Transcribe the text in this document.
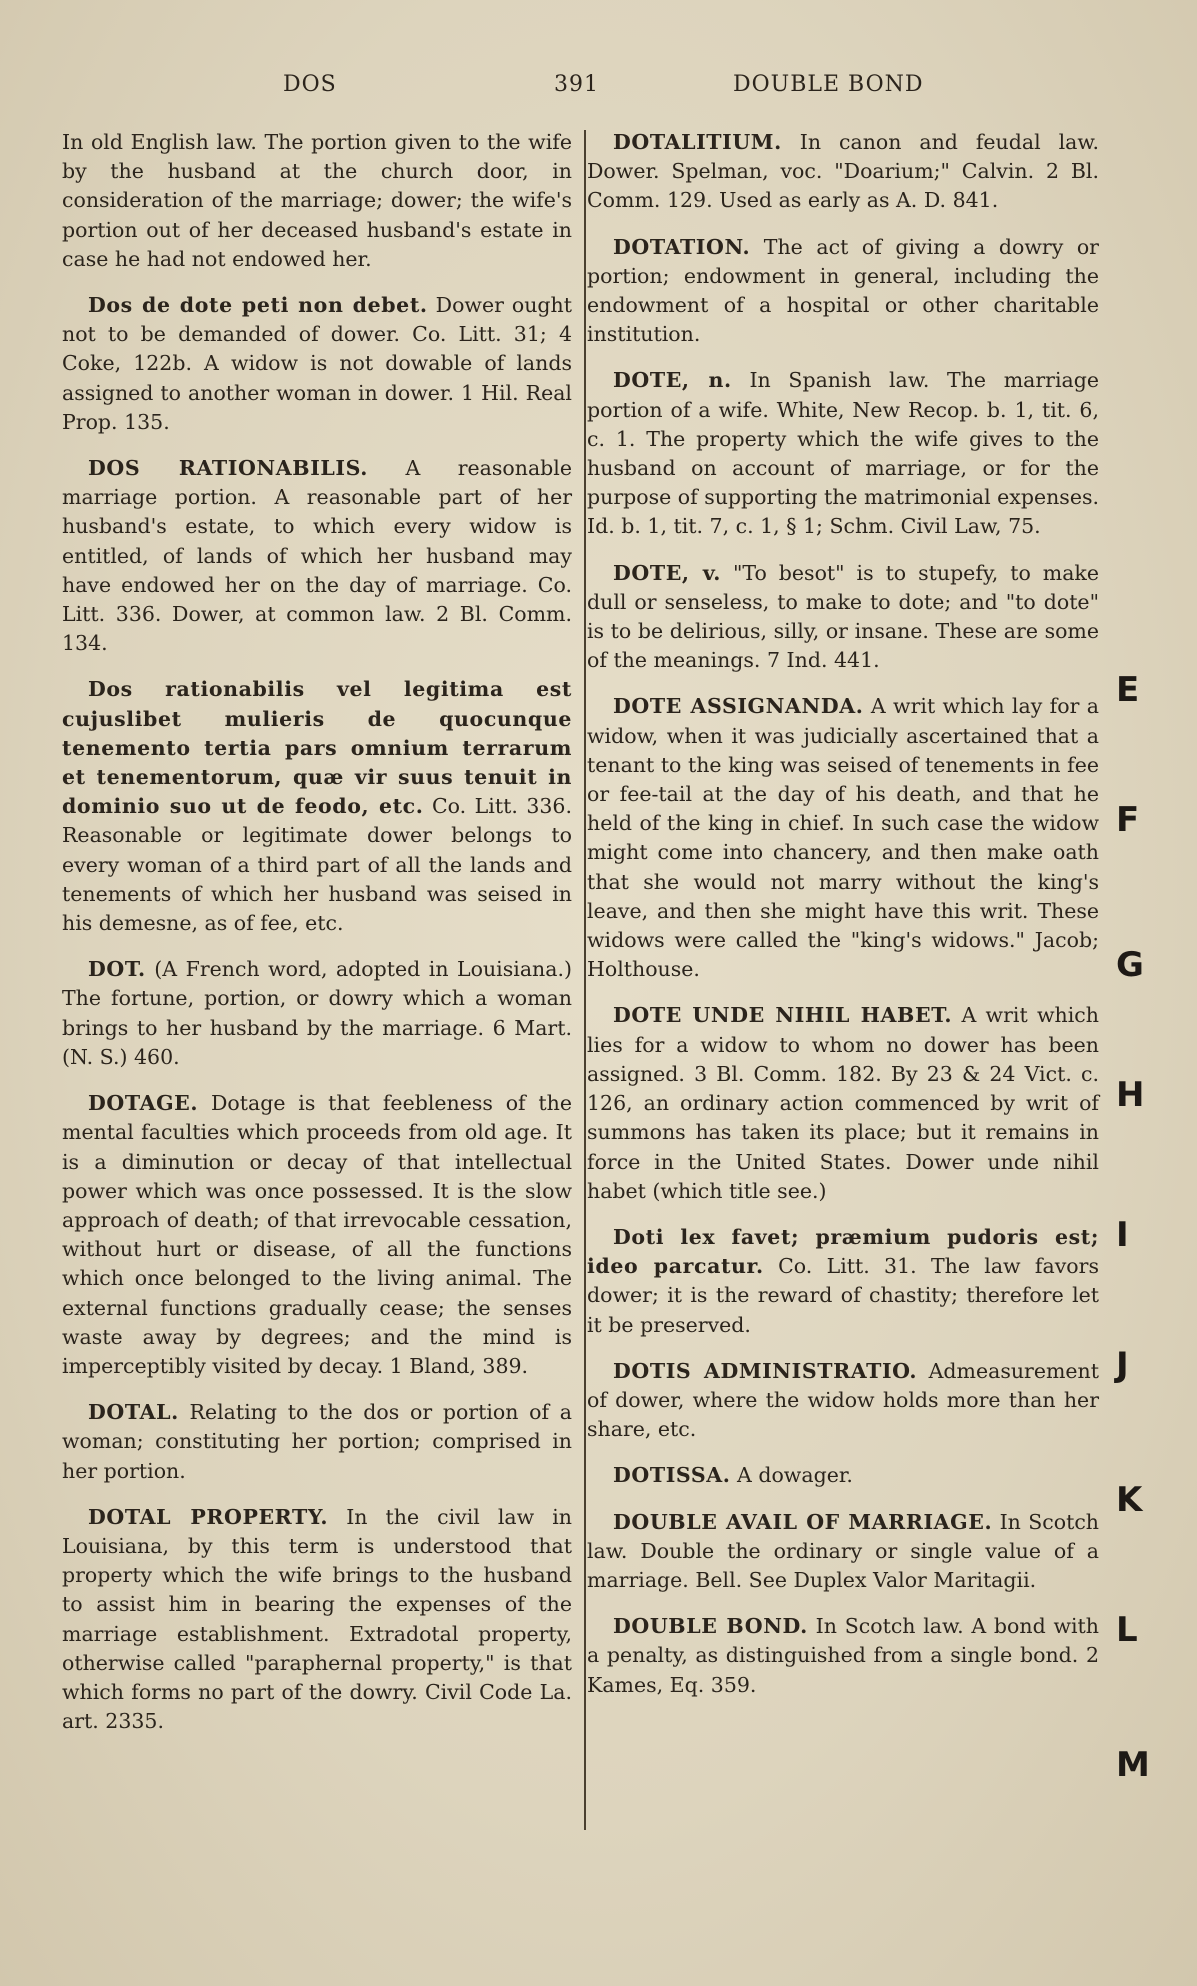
DOS	391	DOUBLE BOND

In old English law. The portion given to the wife by the husband at the church door, in consideration of the marriage; dower; the wife's portion out of her deceased husband's estate in case he had not endowed her.

Dos de dote peti non debet. Dower ought not to be demanded of dower. Co. Litt. 31; 4 Coke, 122b. A widow is not dowable of lands assigned to another woman in dower. 1 Hil. Real Prop. 135.

DOS RATIONABILIS. A reasonable marriage portion. A reasonable part of her husband's estate, to which every widow is entitled, of lands of which her husband may have endowed her on the day of marriage. Co. Litt. 336. Dower, at common law. 2 Bl. Comm. 134.

Dos rationabilis vel legitima est cujuslibet mulieris de quocunque tenemento tertia pars omnium terrarum et tenementorum, quæ vir suus tenuit in dominio suo ut de feodo, etc. Co. Litt. 336. Reasonable or legitimate dower belongs to every woman of a third part of all the lands and tenements of which her husband was seised in his demesne, as of fee, etc.

DOT. (A French word, adopted in Louisiana.) The fortune, portion, or dowry which a woman brings to her husband by the marriage. 6 Mart. (N. S.) 460.

DOTAGE. Dotage is that feebleness of the mental faculties which proceeds from old age. It is a diminution or decay of that intellectual power which was once possessed. It is the slow approach of death; of that irrevocable cessation, without hurt or disease, of all the functions which once belonged to the living animal. The external functions gradually cease; the senses waste away by degrees; and the mind is imperceptibly visited by decay. 1 Bland, 389.

DOTAL. Relating to the dos or portion of a woman; constituting her portion; comprised in her portion.

DOTAL PROPERTY. In the civil law in Louisiana, by this term is understood that property which the wife brings to the husband to assist him in bearing the expenses of the marriage establishment. Extradotal property, otherwise called "paraphernal property," is that which forms no part of the dowry. Civil Code La. art. 2335.

DOTALITIUM. In canon and feudal law. Dower. Spelman, voc. "Doarium;" Calvin. 2 Bl. Comm. 129. Used as early as A. D. 841.

DOTATION. The act of giving a dowry or portion; endowment in general, including the endowment of a hospital or other charitable institution.

DOTE, n. In Spanish law. The marriage portion of a wife. White, New Recop. b. 1, tit. 6, c. 1. The property which the wife gives to the husband on account of marriage, or for the purpose of supporting the matrimonial expenses. Id. b. 1, tit. 7, c. 1, § 1; Schm. Civil Law, 75.

DOTE, v. "To besot" is to stupefy, to make dull or senseless, to make to dote; and "to dote" is to be delirious, silly, or insane. These are some of the meanings. 7 Ind. 441.

DOTE ASSIGNANDA. A writ which lay for a widow, when it was judicially ascertained that a tenant to the king was seised of tenements in fee or fee-tail at the day of his death, and that he held of the king in chief. In such case the widow might come into chancery, and then make oath that she would not marry without the king's leave, and then she might have this writ. These widows were called the "king's widows." Jacob; Holthouse.

DOTE UNDE NIHIL HABET. A writ which lies for a widow to whom no dower has been assigned. 3 Bl. Comm. 182. By 23 & 24 Vict. c. 126, an ordinary action commenced by writ of summons has taken its place; but it remains in force in the United States. Dower unde nihil habet (which title see.)

Doti lex favet; præmium pudoris est; ideo parcatur. Co. Litt. 31. The law favors dower; it is the reward of chastity; therefore let it be preserved.

DOTIS ADMINISTRATIO. Admeasurement of dower, where the widow holds more than her share, etc.

DOTISSA. A dowager.

DOUBLE AVAIL OF MARRIAGE. In Scotch law. Double the ordinary or single value of a marriage. Bell. See Duplex Valor Maritagii.

DOUBLE BOND. In Scotch law. A bond with a penalty, as distinguished from a single bond. 2 Kames, Eq. 359.

E
F
G
H
I
J
K
L
M
